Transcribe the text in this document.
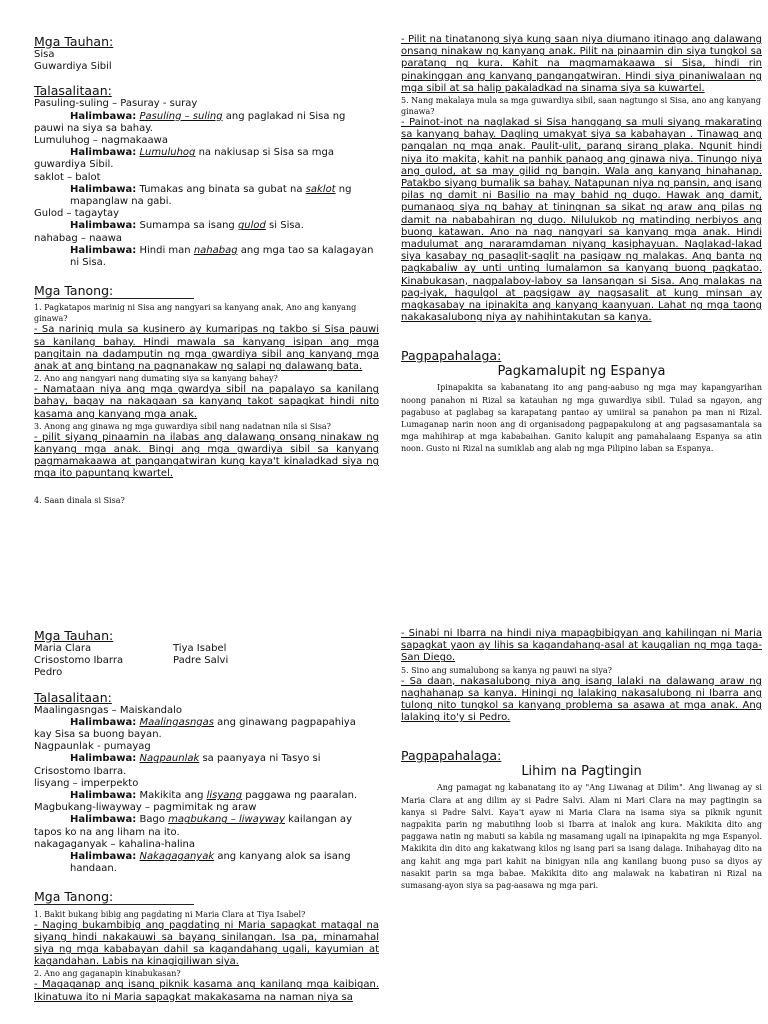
Mga Tauhan:

Sisa

Guwardiya Sibil

Talasalitaan:

Pasuling-suling – Pasuray - suray

Halimbawa: Pasuling – suling ang paglakad ni Sisa ng

pauwi na siya sa bahay.

Lumuluhog – nagmakaawa

Halimbawa: Lumuluhog na nakiusap si Sisa sa mga

guwardiya Sibil.

saklot – balot

Halimbawa: Tumakas ang binata sa gubat na saklot ng

mapanglaw na gabi.

Gulod – tagaytay

Halimbawa: Sumampa sa isang gulod si Sisa.

nahabag – naawa

Halimbawa: Hindi man nahabag ang mga tao sa kalagayan

ni Sisa.

Mga Tanong:

1. Pagkatapos marinig ni Sisa ang nangyari sa kanyang anak, Ano ang kanyang ginawa?

- Sa narinig mula sa kusinero ay kumaripas ng takbo si Sisa pauwi sa kanilang bahay. Hindi mawala sa kanyang isipan ang mga pangitain na dadamputin ng mga gwardiya sibil ang kanyang mga anak at ang bintang na pagnanakaw ng salapi ng dalawang bata.

2. Ano ang nangyari nang dumating siya sa kanyang bahay?

- Namataan niya ang mga gwardya sibil na papalayo sa kanilang bahay, bagay na nakagaan sa kanyang takot sapagkat hindi nito kasama ang kanyang mga anak.

3. Anong ang ginawa ng mga guwardiya sibil nang nadatnan nila si Sisa?

- pilit siyang pinaamin na ilabas ang dalawang onsang ninakaw ng kanyang mga anak. Bingi ang mga gwardiya sibil sa kanyang pagmamakaawa at pangangatwiran kung kaya't kinaladkad siya ng mga ito papuntang kwartel.

4. Saan dinala si Sisa?

- Pilit na tinatanong siya kung saan niya diumano itinago ang dalawang onsang ninakaw ng kanyang anak. Pilit na pinaamin din siya tungkol sa paratang ng kura. Kahit na magmamakaawa si Sisa, hindi rin pinakinggan ang kanyang pangangatwiran. Hindi siya pinaniwalaan ng mga sibil at sa halip pakaladkad na sinama siya sa kuwartel.

5. Nang makalaya mula sa mga guwardiya sibil, saan nagtungo si Sisa, ano ang kanyang ginawa?

- Painot-inot na naglakad si Sisa hanggang sa muli siyang makarating sa kanyang bahay. Dagling umakyat siya sa kabahayan . Tinawag ang pangalan ng mga anak. Paulit-ulit, parang sirang plaka. Ngunit hindi niya ito makita, kahit na panhik panaog ang ginawa niya. Tinungo niya ang gulod, at sa may gilid ng bangin. Wala ang kanyang hinahanap. Patakbo siyang bumalik sa bahay. Natapunan niya ng pansin, ang isang pilas ng damit ni Basilio na may bahid ng dugo. Hawak ang damit, pumanaog siya ng bahay at tiningnan sa sikat ng araw ang pilas ng damit na nababahiran ng dugo. Nilulukob ng matinding nerbiyos ang buong katawan. Ano na nag nangyari sa kanyang mga anak. Hindi madulumat ang nararamdaman niyang kasiphayuan. Naglakad-lakad siya kasabay ng pasaglit-saglit na pasigaw ng malakas. Ang banta ng pagkabaliw ay unti unting lumalamon sa kanyang buong pagkatao. Kinabukasan, nagpalaboy-laboy sa lansangan si Sisa. Ang malakas na pag-iyak, hagulgol at pagsigaw ay nagsasalit at kung minsan ay magkasabay na ipinakita ang kanyang kaanyuan. Lahat ng mga taong nakakasalubong niya ay nahihintakutan sa kanya.

Pagpapahalaga:

Pagkamalupit ng Espanya

Ipinapakita sa kabanatang ito ang pang-aabuso ng mga may kapangyarihan noong panahon ni Rizal sa katauhan ng mga guwardiya sibil. Tulad sa ngayon, ang pagabuso at paglabag sa karapatang pantao ay umiiral sa panahon pa man ni Rizal. Lumaganap narin noon ang di organisadong pagpapakulong at ang pagsasamantala sa mga mahihirap at mga kababaihan. Ganito kalupit ang pamahalaang Espanya sa atin noon. Gusto ni Rizal na sumiklab ang alab ng mga Pilipino laban sa Espanya.

Mga Tauhan:

Maria Clara	Tiya Isabel
Crisostomo Ibarra	Padre Salvi
Pedro

Talasalitaan:

Maalingasngas – Maiskandalo

Halimbawa: Maalingasngas ang ginawang pagpapahiya

kay Sisa sa buong bayan.

Nagpaunlak - pumayag

Halimbawa: Nagpaunlak sa paanyaya ni Tasyo si

Crisostomo Ibarra.

lisyang – imperpekto

Halimbawa: Makikita ang lisyang paggawa ng paaralan.

Magbukang-liwayway – pagmimitak ng araw

Halimbawa: Bago magbukang – liwayway kailangan ay

tapos ko na ang liham na ito.

nakagaganyak – kahalina-halina

Halimbawa: Nakagaganyak ang kanyang alok sa isang

handaan.

Mga Tanong:

1. Bakit bukang bibig ang pagdating ni Maria Clara at Tiya Isabel?

- Naging bukambibig ang pagdating ni Maria sapagkat matagal na siyang hindi nakakauwi sa bayang sinilangan. Isa pa, minamahal siya ng mga kababayan dahil sa kagandahang ugali, kayumian at kagandahan. Labis na kinagigiliwan siya.

2. Ano ang gaganapin kinabukasan?

- Magaganap ang isang piknik kasama ang kanilang mga kaibigan. Ikinatuwa ito ni Maria sapagkat makakasama na naman niya sa

- Sinabi ni Ibarra na hindi niya mapagbibigyan ang kahilingan ni Maria sapagkat yaon ay lihis sa kagandahang-asal at kaugalian ng mga taga- San Diego.

5. Sino ang sumalubong sa kanya ng pauwi na siya?

- Sa daan, nakasalubong niya ang isang lalaki na dalawang araw ng naghahanap sa kanya. Hiningi ng lalaking nakasalubong ni Ibarra ang tulong nito tungkol sa kanyang problema sa asawa at mga anak. Ang lalaking ito'y si Pedro.

Pagpapahalaga:

Lihim na Pagtingin

Ang pamagat ng kabanatang ito ay "Ang Liwanag at Dilim". Ang liwanag ay si Maria Clara at ang dilim ay si Padre Salvi. Alam ni Mari Clara na may pagtingin sa kanya si Padre Salvi. Kaya't ayaw ni Maria Clara na isama siya sa piknik ngunit nagpakita parin ng mabutihng loob si Ibarra at inalok ang kura. Makikita dito ang paggawa natin ng mabuti sa kabila ng masamang ugali na ipinapakita ng mga Espanyol. Makikita din dito ang kakatwang kilos ng isang pari sa isang dalaga. Inihahayag dito na ang kahit ang mga pari kahit na binigyan nila ang kanilang buong puso sa diyos ay nasakit parin sa mga babae. Makikita dito ang malawak na kabatiran ni Rizal na sumasang-ayon siya sa pag-aasawa ng mga pari.
